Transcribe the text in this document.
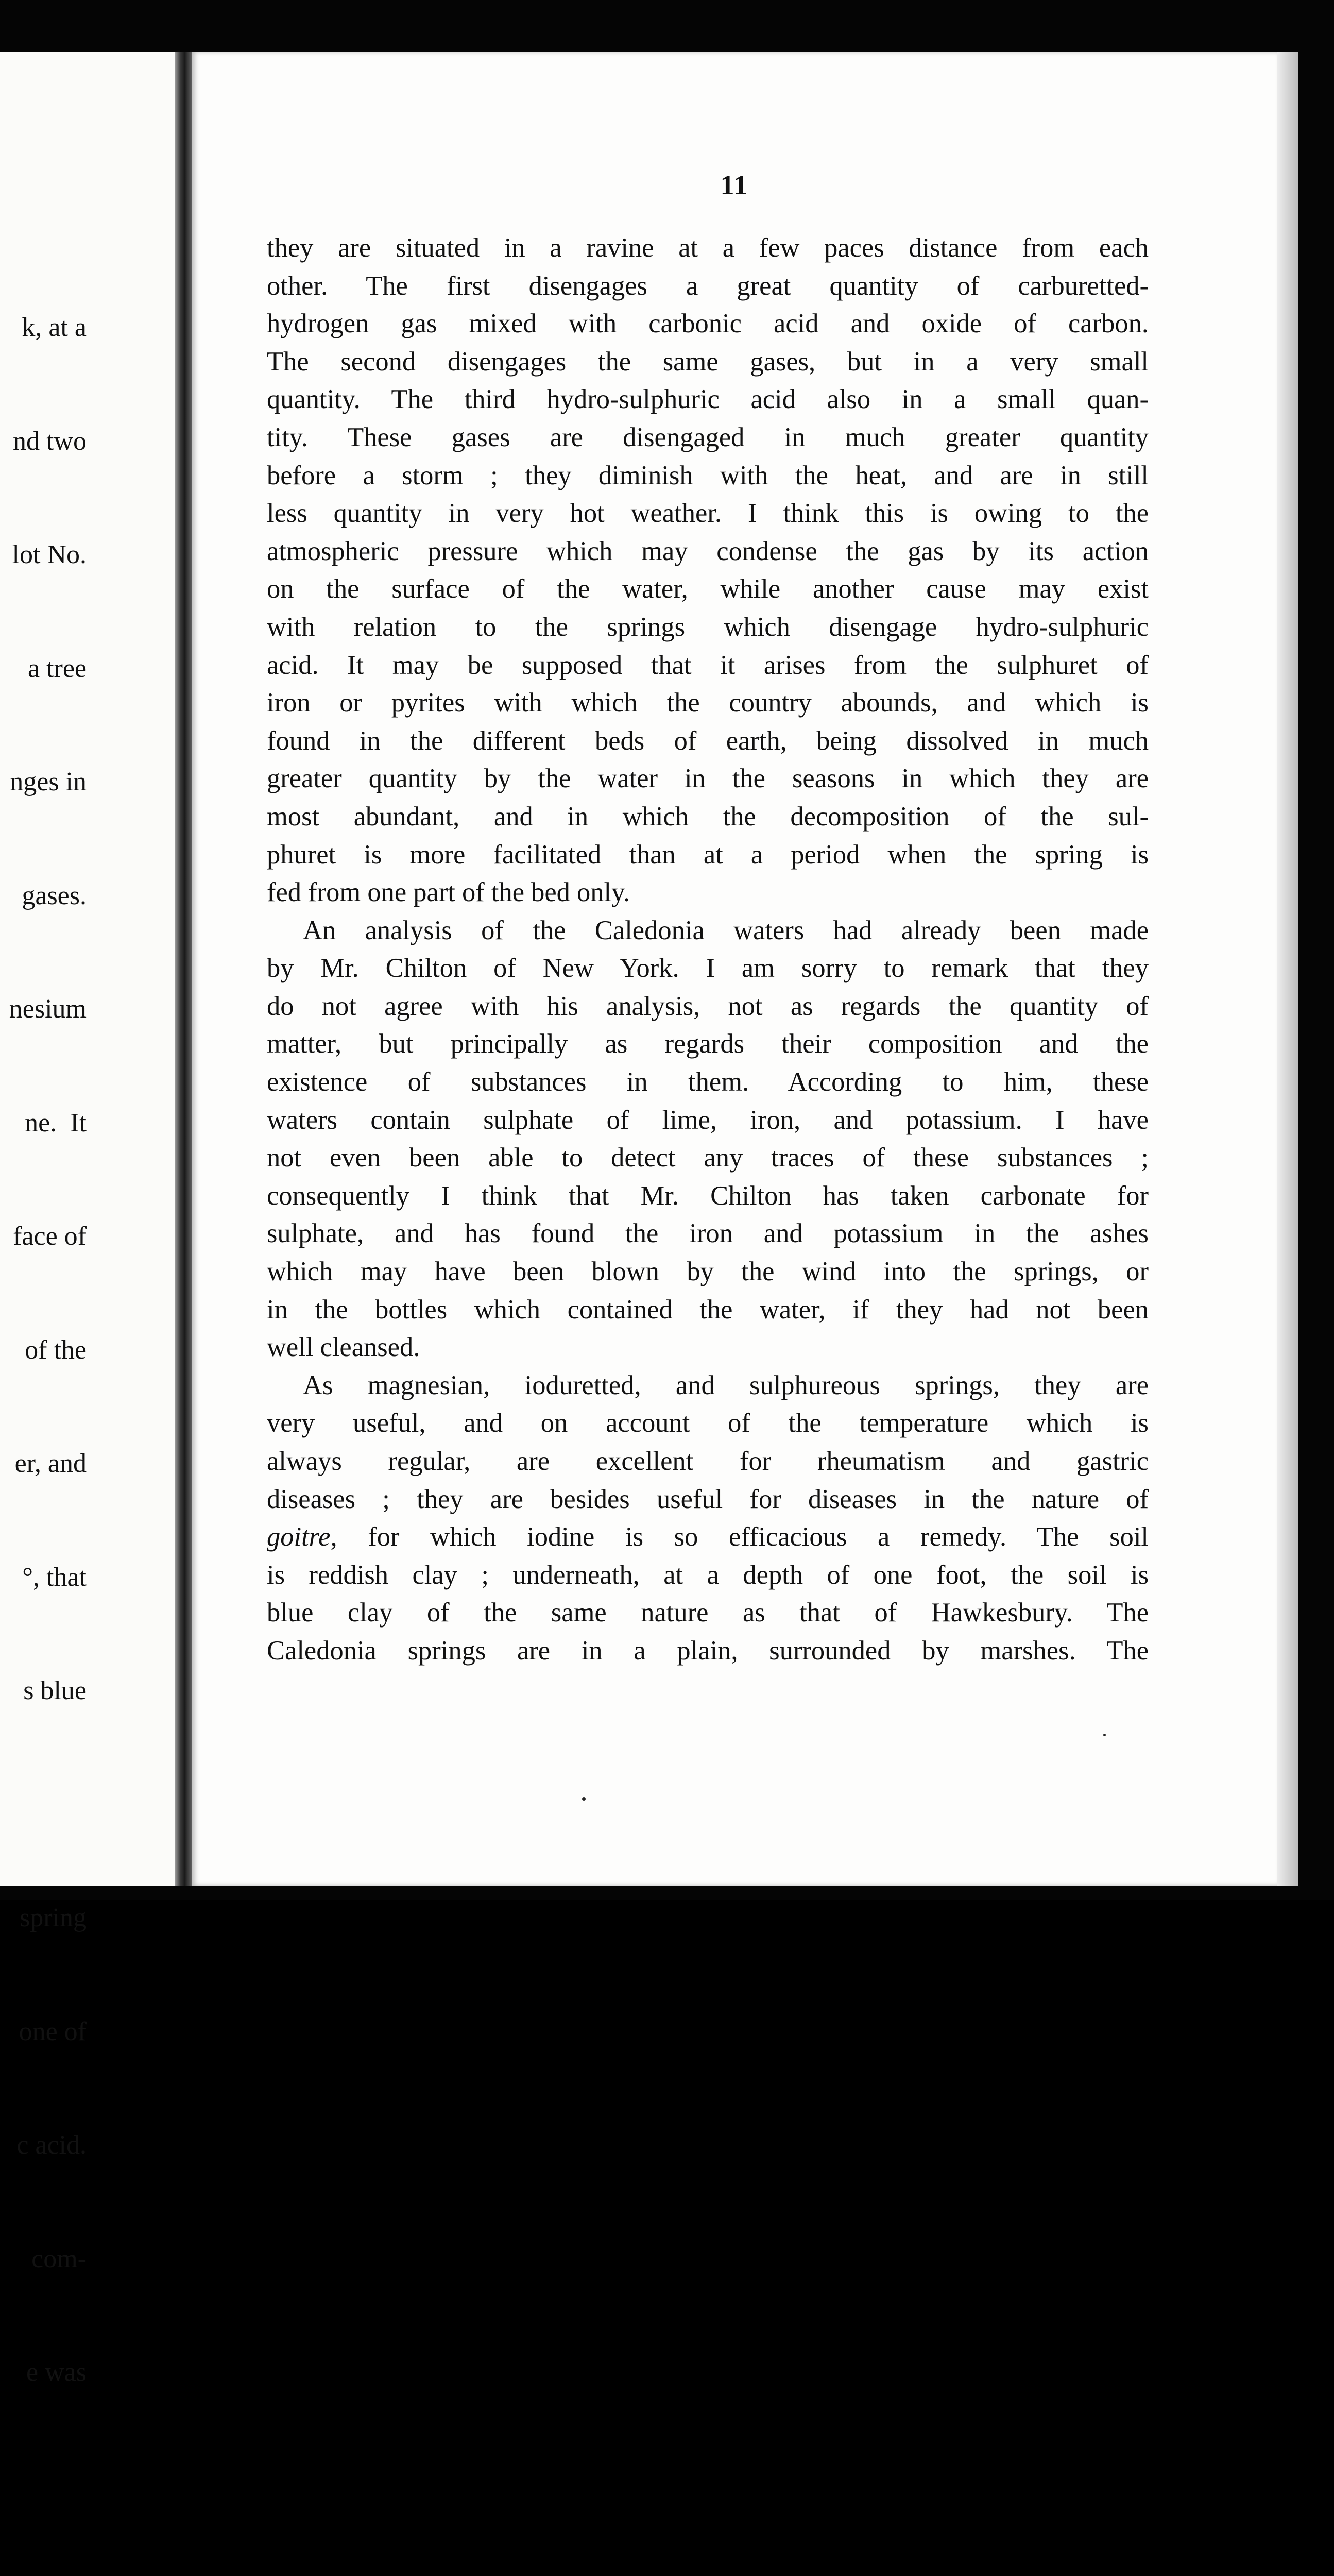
k, at a

nd two

lot No.

a tree

nges in

gases.

nesium

ne.  It

face of

of the

er, and

°, that

s blue

spring

one of

c acid.

com-

e was

11
they are situated in a ravine at a few paces distance from each
other. The first disengages a great quantity of carburetted-
hydrogen gas mixed with carbonic acid and oxide of carbon.
The second disengages the same gases, but in a very small
quantity. The third hydro-sulphuric acid also in a small quan-
tity. These gases are disengaged in much greater quantity
before a storm ; they diminish with the heat, and are in still
less quantity in very hot weather. I think this is owing to the
atmospheric pressure which may condense the gas by its action
on the surface of the water, while another cause may exist
with relation to the springs which disengage hydro-sulphuric
acid. It may be supposed that it arises from the sulphuret of
iron or pyrites with which the country abounds, and which is
found in the different beds of earth, being dissolved in much
greater quantity by the water in the seasons in which they are
most abundant, and in which the decomposition of the sul-
phuret is more facilitated than at a period when the spring is
fed from one part of the bed only.
An analysis of the Caledonia waters had already been made
by Mr. Chilton of New York. I am sorry to remark that they
do not agree with his analysis, not as regards the quantity of
matter, but principally as regards their composition and the
existence of substances in them. According to him, these
waters contain sulphate of lime, iron, and potassium. I have
not even been able to detect any traces of these substances ;
consequently I think that Mr. Chilton has taken carbonate for
sulphate, and has found the iron and potassium in the ashes
which may have been blown by the wind into the springs, or
in the bottles which contained the water, if they had not been
well cleansed.
As magnesian, ioduretted, and sulphureous springs, they are
very useful, and on account of the temperature which is
always regular, are excellent for rheumatism and gastric
diseases ; they are besides useful for diseases in the nature of
goitre, for which iodine is so efficacious a remedy. The soil
is reddish clay ; underneath, at a depth of one foot, the soil is
blue clay of the same nature as that of Hawkesbury. The
Caledonia springs are in a plain, surrounded by marshes. The
